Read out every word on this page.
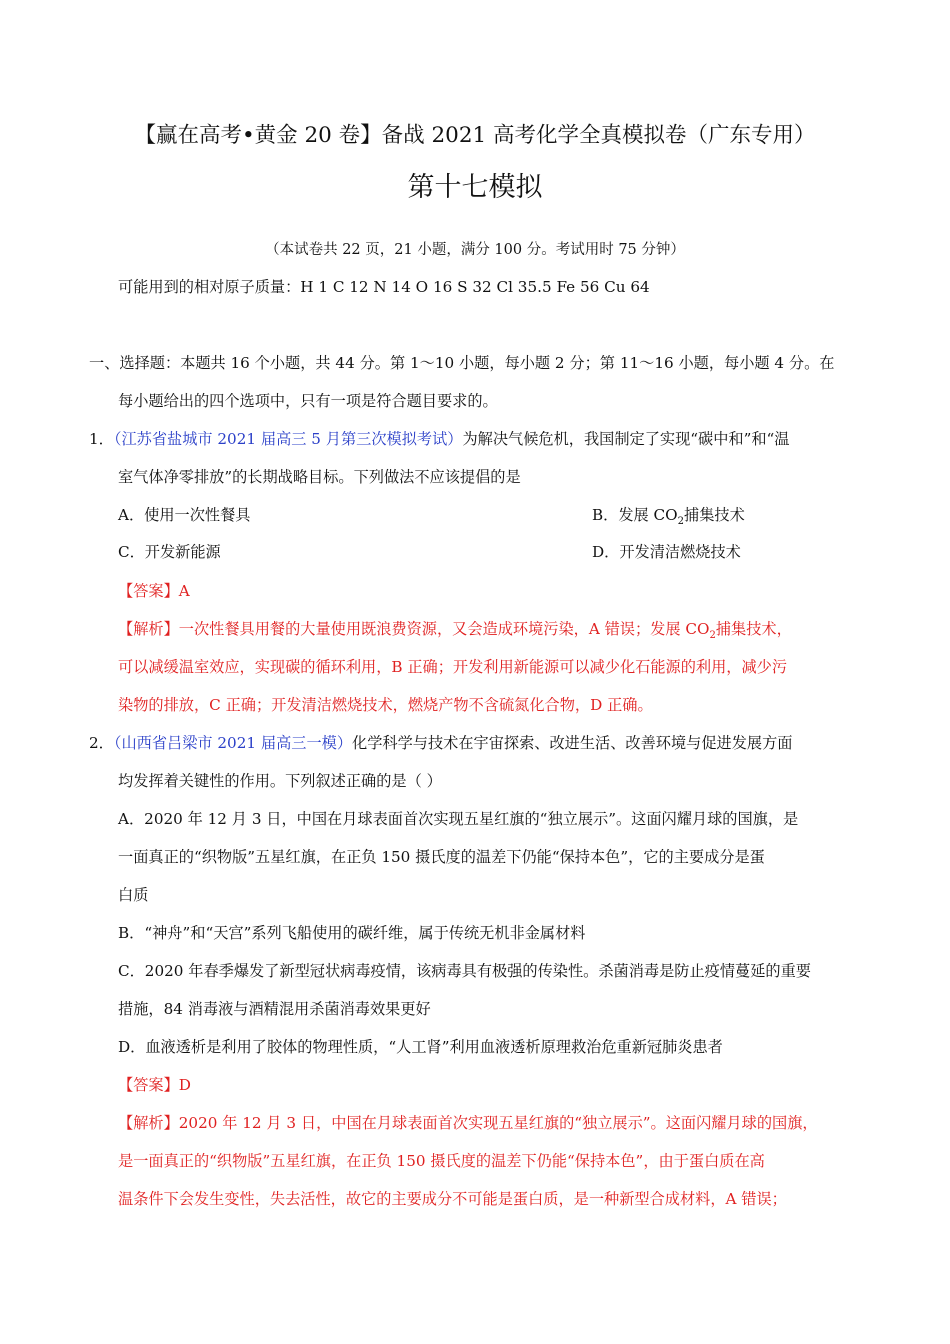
【赢在高考•黄金 20 卷】备战 2021 高考化学全真模拟卷（广东专用）
第十七模拟
（本试卷共 22 页，21 小题，满分 100 分。考试用时 75 分钟）
可能用到的相对原子质量：H 1 C 12 N 14 O 16 S 32 Cl 35.5 Fe 56 Cu 64
一、选择题：本题共 16 个小题，共 44 分。第 1～10 小题，每小题 2 分；第 11～16 小题，每小题 4 分。在
每小题给出的四个选项中，只有一项是符合题目要求的。
1．（江苏省盐城市 2021 届高三 5 月第三次模拟考试）为解决气候危机，我国制定了实现“碳中和”和“温
室气体净零排放”的长期战略目标。下列做法不应该提倡的是
A．使用一次性餐具	B．发展 $CO_2$捕集技术
C．开发新能源	D．开发清洁燃烧技术
【答案】A
【解析】一次性餐具用餐的大量使用既浪费资源，又会造成环境污染，A 错误；发展 $CO_2$捕集技术，
可以减缓温室效应，实现碳的循环利用，B 正确；开发利用新能源可以减少化石能源的利用，减少污
染物的排放，C 正确；开发清洁燃烧技术，燃烧产物不含硫氮化合物，D 正确。
2．（山西省吕梁市 2021 届高三一模）化学科学与技术在宇宙探索、改进生活、改善环境与促进发展方面
均发挥着关键性的作用。下列叙述正确的是（ ）
A．2020 年 12 月 3 日，中国在月球表面首次实现五星红旗的“独立展示”。这面闪耀月球的国旗，是
一面真正的“织物版”五星红旗，在正负 150 摄氏度的温差下仍能“保持本色”，它的主要成分是蛋
白质
B．“神舟”和“天宫”系列飞船使用的碳纤维，属于传统无机非金属材料
C．2020 年春季爆发了新型冠状病毒疫情，该病毒具有极强的传染性。杀菌消毒是防止疫情蔓延的重要
措施，84 消毒液与酒精混用杀菌消毒效果更好
D．血液透析是利用了胶体的物理性质，“人工肾”利用血液透析原理救治危重新冠肺炎患者
【答案】D
【解析】2020 年 12 月 3 日，中国在月球表面首次实现五星红旗的“独立展示”。这面闪耀月球的国旗，
是一面真正的“织物版”五星红旗，在正负 150 摄氏度的温差下仍能“保持本色”，由于蛋白质在高
温条件下会发生变性，失去活性，故它的主要成分不可能是蛋白质，是一种新型合成材料，A 错误；
